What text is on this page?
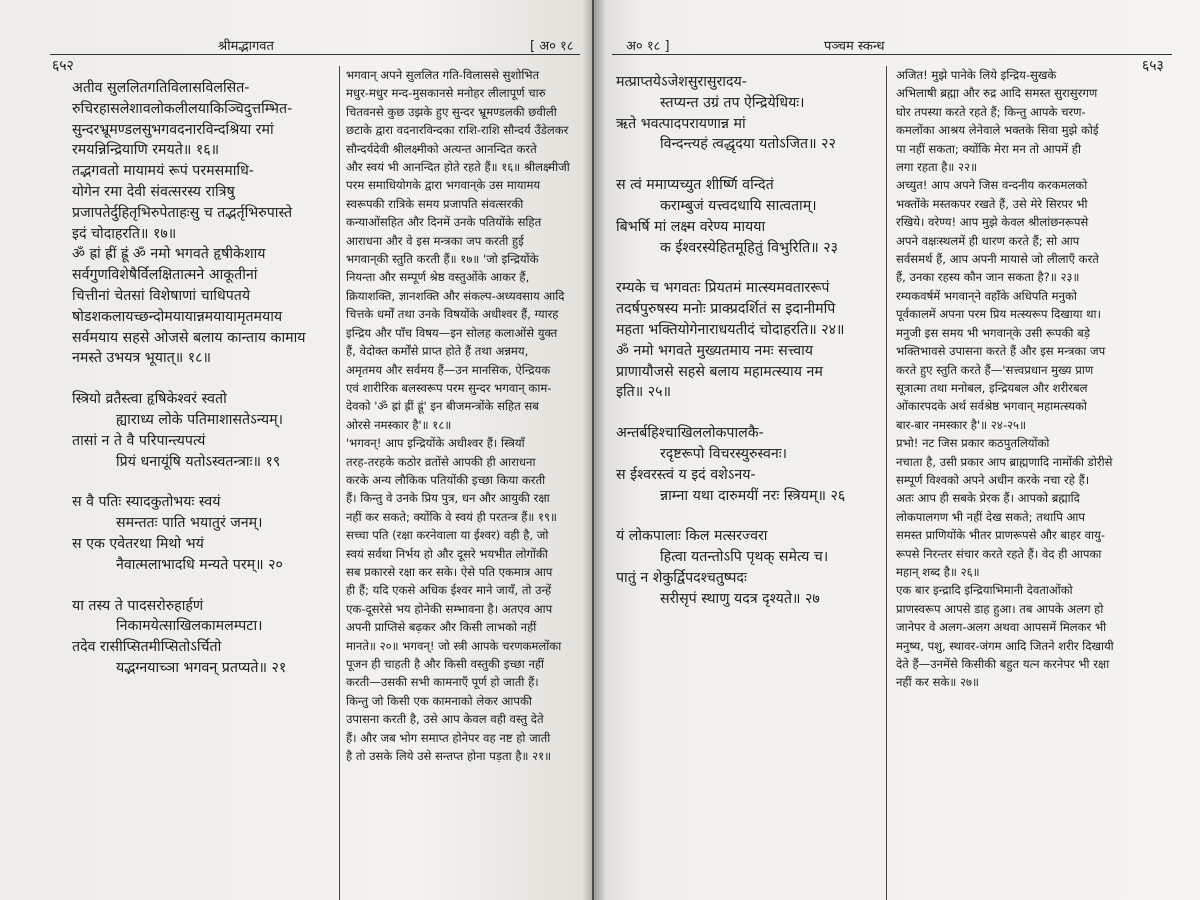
श्रीमद्भागवत	[ अ० १८
६५२
अतीव सुललितगतिविलासविलसित-
रुचिरहासलेशावलोकलीलयाकिञ्चिदुत्तम्भित-
सुन्दरभ्रूमण्डलसुभगवदनारविन्दश्रिया रमां
रमयन्निन्द्रियाणि रमयते॥ १६॥
तद्भगवतो मायामयं रूपं परमसमाधि-
योगेन रमा देवी संवत्सरस्य रात्रिषु
प्रजापतेर्दुहितृभिरुपेताहःसु च तद्भर्तृभिरुपास्ते
इदं चोदाहरति॥ १७॥
ॐ ह्रां ह्रीं ह्रूं ॐ नमो भगवते हृषीकेशाय
सर्वगुणविशेषैर्विलक्षितात्मने आकूतीनां
चित्तीनां चेतसां विशेषाणां चाधिपतये
षोडशकलायच्छन्दोमयायान्नमयायामृतमयाय
सर्वमयाय सहसे ओजसे बलाय कान्ताय कामाय
नमस्ते उभयत्र भूयात्॥ १८॥
स्त्रियो व्रतैस्त्वा हृषिकेश्वरं स्वतो
ह्याराध्य लोके पतिमाशासतेऽन्यम्।
तासां न ते वै परिपान्त्यपत्यं
प्रियं धनायूंषि यतोऽस्वतन्त्राः॥ १९
स वै पतिः स्यादकुतोभयः स्वयं
समन्ततः पाति भयातुरं जनम्।
स एक एवेतरथा मिथो भयं
नैवात्मलाभादधि मन्यते परम्॥ २०
या तस्य ते पादसरोरुहार्हणं
निकामयेत्साखिलकामलम्पटा।
तदेव रासीप्सितमीप्सितोऽर्चितो
यद्भग्नयाच्ञा भगवन् प्रतप्यते॥ २१
भगवान् अपने सुललित गति-विलाससे सुशोभित
मधुर-मधुर मन्द-मुसकानसे मनोहर लीलापूर्ण चारु
चितवनसे कुछ उझके हुए सुन्दर भ्रूमण्डलकी छवीली
छटाके द्वारा वदनारविन्दका राशि-राशि सौन्दर्य उँडेलकर
सौन्दर्यदेवी श्रीलक्ष्मीको अत्यन्त आनन्दित करते
और स्वयं भी आनन्दित होते रहते हैं॥ १६॥ श्रीलक्ष्मीजी
परम समाधियोगके द्वारा भगवान्‌के उस मायामय
स्वरूपकी रात्रिके समय प्रजापति संवत्सरकी
कन्याओंसहित और दिनमें उनके पतियोंके सहित
आराधना और वे इस मन्त्रका जप करती हुई
भगवान्‌की स्तुति करती हैं॥ १७॥ 'जो इन्द्रियोंके
नियन्ता और सम्पूर्ण श्रेष्ठ वस्तुओंके आकर हैं,
क्रियाशक्ति, ज्ञानशक्ति और संकल्प-अध्यवसाय आदि
चित्तके धर्मों तथा उनके विषयोंके अधीश्वर हैं, ग्यारह
इन्द्रिय और पाँच विषय—इन सोलह कलाओंसे युक्त
हैं, वेदोक्त कर्मोंसे प्राप्त होते हैं तथा अन्नमय,
अमृतमय और सर्वमय हैं—उन मानसिक, ऐन्द्रियक
एवं शारीरिक बलस्वरूप परम सुन्दर भगवान् काम-
देवको 'ॐ ह्रां ह्रीं ह्रूं' इन बीजमन्त्रोंके सहित सब
ओरसे नमस्कार है'॥ १८॥
'भगवन्! आप इन्द्रियोंके अधीश्वर हैं। स्त्रियाँ
तरह-तरहके कठोर व्रतोंसे आपकी ही आराधना
करके अन्य लौकिक पतियोंकी इच्छा किया करती
हैं। किन्तु वे उनके प्रिय पुत्र, धन और आयुकी रक्षा
नहीं कर सकते; क्योंकि वे स्वयं ही परतन्त्र हैं॥ १९॥
सच्चा पति (रक्षा करनेवाला या ईश्वर) वही है, जो
स्वयं सर्वथा निर्भय हो और दूसरे भयभीत लोगोंकी
सब प्रकारसे रक्षा कर सके। ऐसे पति एकमात्र आप
ही हैं; यदि एकसे अधिक ईश्वर माने जायँ, तो उन्हें
एक-दूसरेसे भय होनेकी सम्भावना है। अतएव आप
अपनी प्राप्तिसे बढ़कर और किसी लाभको नहीं
मानते॥ २०॥ भगवन्! जो स्त्री आपके चरणकमलोंका
पूजन ही चाहती है और किसी वस्तुकी इच्छा नहीं
करती—उसकी सभी कामनाएँ पूर्ण हो जाती हैं।
किन्तु जो किसी एक कामनाको लेकर आपकी
उपासना करती है, उसे आप केवल वही वस्तु देते
हैं। और जब भोग समाप्त होनेपर वह नष्ट हो जाती
है तो उसके लिये उसे सन्तप्त होना पड़ता है॥ २१॥
अ० १८ ]	पञ्चम स्कन्ध
६५३
मत्प्राप्तयेऽजेशसुरासुरादय-
स्तप्यन्त उग्रं तप ऐन्द्रियेधियः।
ऋते भवत्पादपरायणान्न मां
विन्दन्त्यहं त्वद्धृदया यतोऽजित॥ २२
स त्वं ममाप्यच्युत शीर्ष्णि वन्दितं
कराम्बुजं यत्त्वदधायि सात्वताम्।
बिभर्षि मां लक्ष्म वरेण्य मायया
क ईश्वरस्येहितमूहितुं विभुरिति॥ २३
रम्यके च भगवतः प्रियतमं मात्स्यमवताररूपं
तदर्षपुरुषस्य मनोः प्राक्प्रदर्शितं स इदानीमपि
महता भक्तियोगेनाराधयतीदं चोदाहरति॥ २४॥
ॐ नमो भगवते मुख्यतमाय नमः सत्त्वाय
प्राणायौजसे सहसे बलाय महामत्स्याय नम
इति॥ २५॥
अन्तर्बहिश्चाखिललोकपालकै-
रदृष्टरूपो विचरस्युरुस्वनः।
स ईश्वरस्त्वं य इदं वशेऽनय-
न्नाम्ना यथा दारुमयीं नरः स्त्रियम्॥ २६
यं लोकपालाः किल मत्सरज्वरा
हित्वा यतन्तोऽपि पृथक् समेत्य च।
पातुं न शेकुर्द्विपदश्चतुष्पदः
सरीसृपं स्थाणु यदत्र दृश्यते॥ २७
अजित! मुझे पानेके लिये इन्द्रिय-सुखके
अभिलाषी ब्रह्मा और रुद्र आदि समस्त सुरासुरगण
घोर तपस्या करते रहते हैं; किन्तु आपके चरण-
कमलोंका आश्रय लेनेवाले भक्तके सिवा मुझे कोई
पा नहीं सकता; क्योंकि मेरा मन तो आपमें ही
लगा रहता है॥ २२॥
अच्युत! आप अपने जिस वन्दनीय करकमलको
भक्तोंके मस्तकपर रखते हैं, उसे मेरे सिरपर भी
रखिये। वरेण्य! आप मुझे केवल श्रीलांछनरूपसे
अपने वक्षःस्थलमें ही धारण करते हैं; सो आप
सर्वसमर्थ हैं, आप अपनी मायासे जो लीलाएँ करते
हैं, उनका रहस्य कौन जान सकता है?॥ २३॥
रम्यकवर्षमें भगवान्‌ने वहाँके अधिपति मनुको
पूर्वकालमें अपना परम प्रिय मत्स्यरूप दिखाया था।
मनुजी इस समय भी भगवान्‌के उसी रूपकी बड़े
भक्तिभावसे उपासना करते हैं और इस मन्त्रका जप
करते हुए स्तुति करते हैं—'सत्त्वप्रधान मुख्य प्राण
सूत्रात्मा तथा मनोबल, इन्द्रियबल और शरीरबल
ओंकारपदके अर्थ सर्वश्रेष्ठ भगवान् महामत्स्यको
बार-बार नमस्कार है'॥ २४-२५॥
प्रभो! नट जिस प्रकार कठपुतलियोंको
नचाता है, उसी प्रकार आप ब्राह्मणादि नामोंकी डोरीसे
सम्पूर्ण विश्वको अपने अधीन करके नचा रहे हैं।
अतः आप ही सबके प्रेरक हैं। आपको ब्रह्मादि
लोकपालगण भी नहीं देख सकते; तथापि आप
समस्त प्राणियोंके भीतर प्राणरूपसे और बाहर वायु-
रूपसे निरन्तर संचार करते रहते हैं। वेद ही आपका
महान् शब्द है॥ २६॥
एक बार इन्द्रादि इन्द्रियाभिमानी देवताओंको
प्राणस्वरूप आपसे डाह हुआ। तब आपके अलग हो
जानेपर वे अलग-अलग अथवा आपसमें मिलकर भी
मनुष्य, पशु, स्थावर-जंगम आदि जितने शरीर दिखायी
देते हैं—उनमेंसे किसीकी बहुत यत्न करनेपर भी रक्षा
नहीं कर सके॥ २७॥
